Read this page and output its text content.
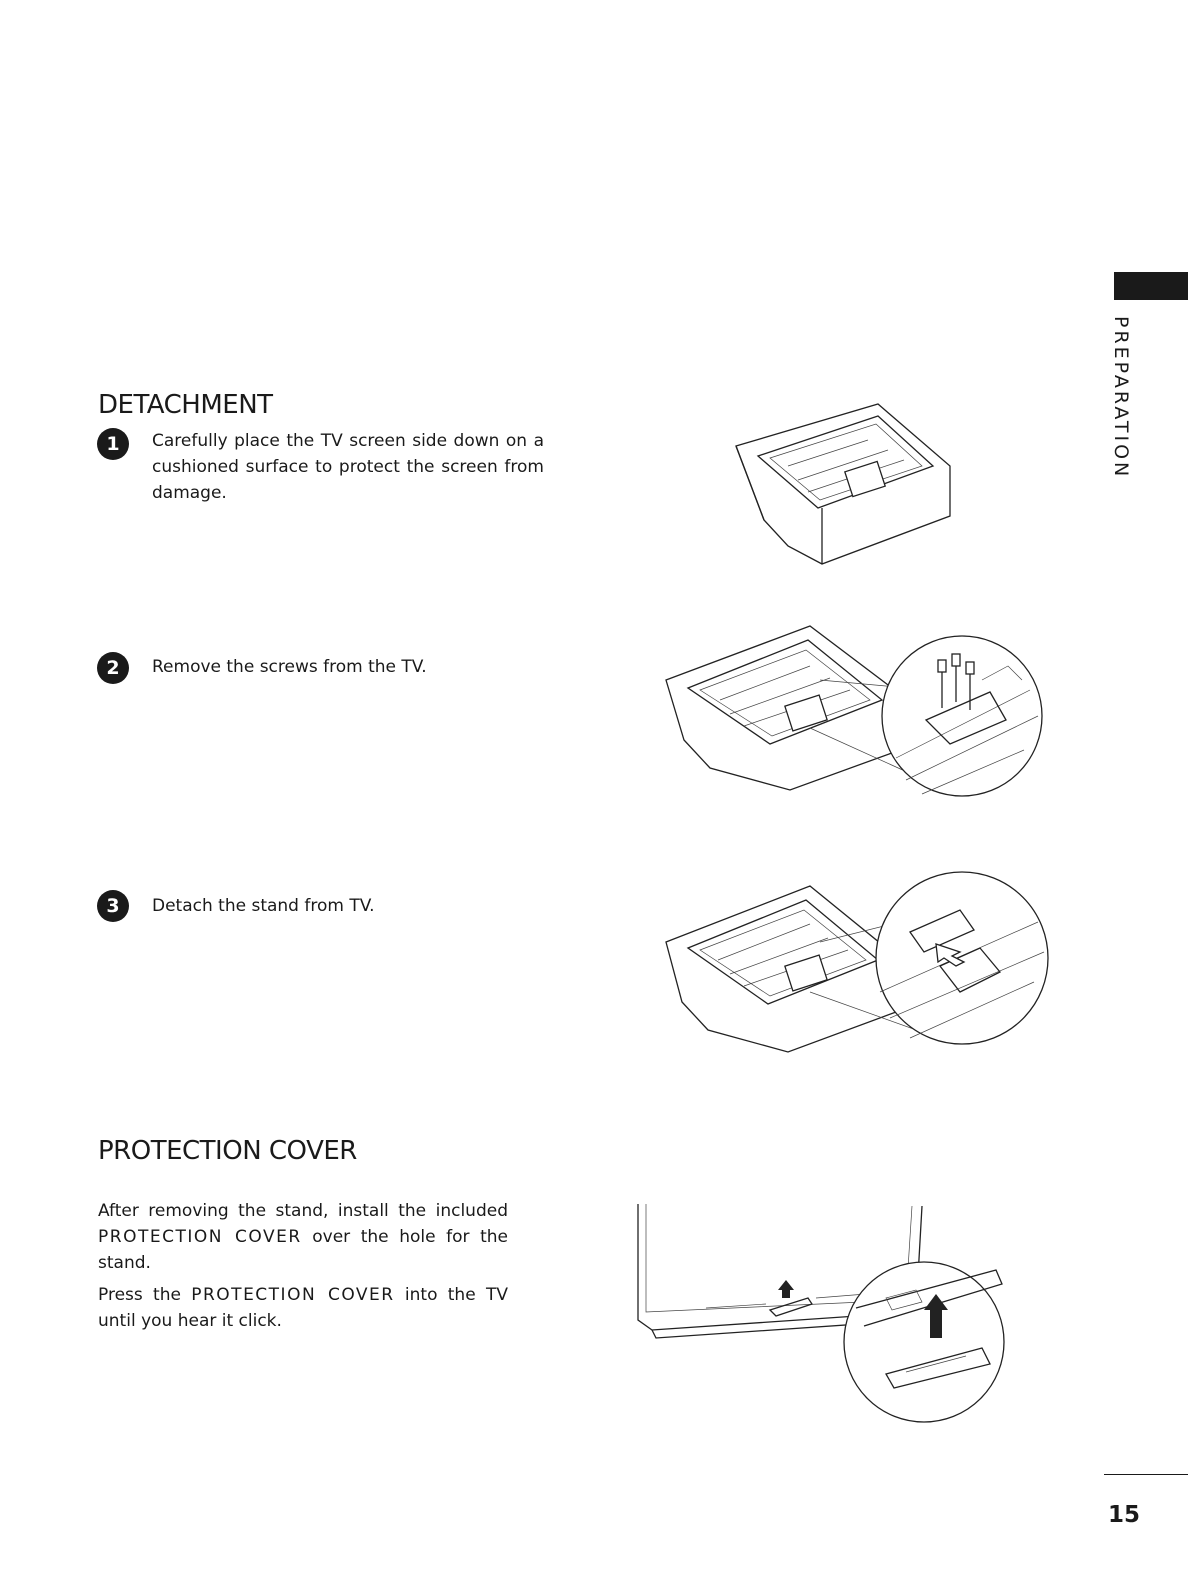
PREPARATION
DETACHMENT
1	Carefully place the TV screen side down on a cushioned surface to protect the screen from damage.
2	Remove the screws from the TV.
3	Detach the stand from TV.
PROTECTION COVER
After removing the stand, install the included PROTECTION COVER over the hole for the stand.
Press the PROTECTION COVER into the TV until you hear it click.
15
